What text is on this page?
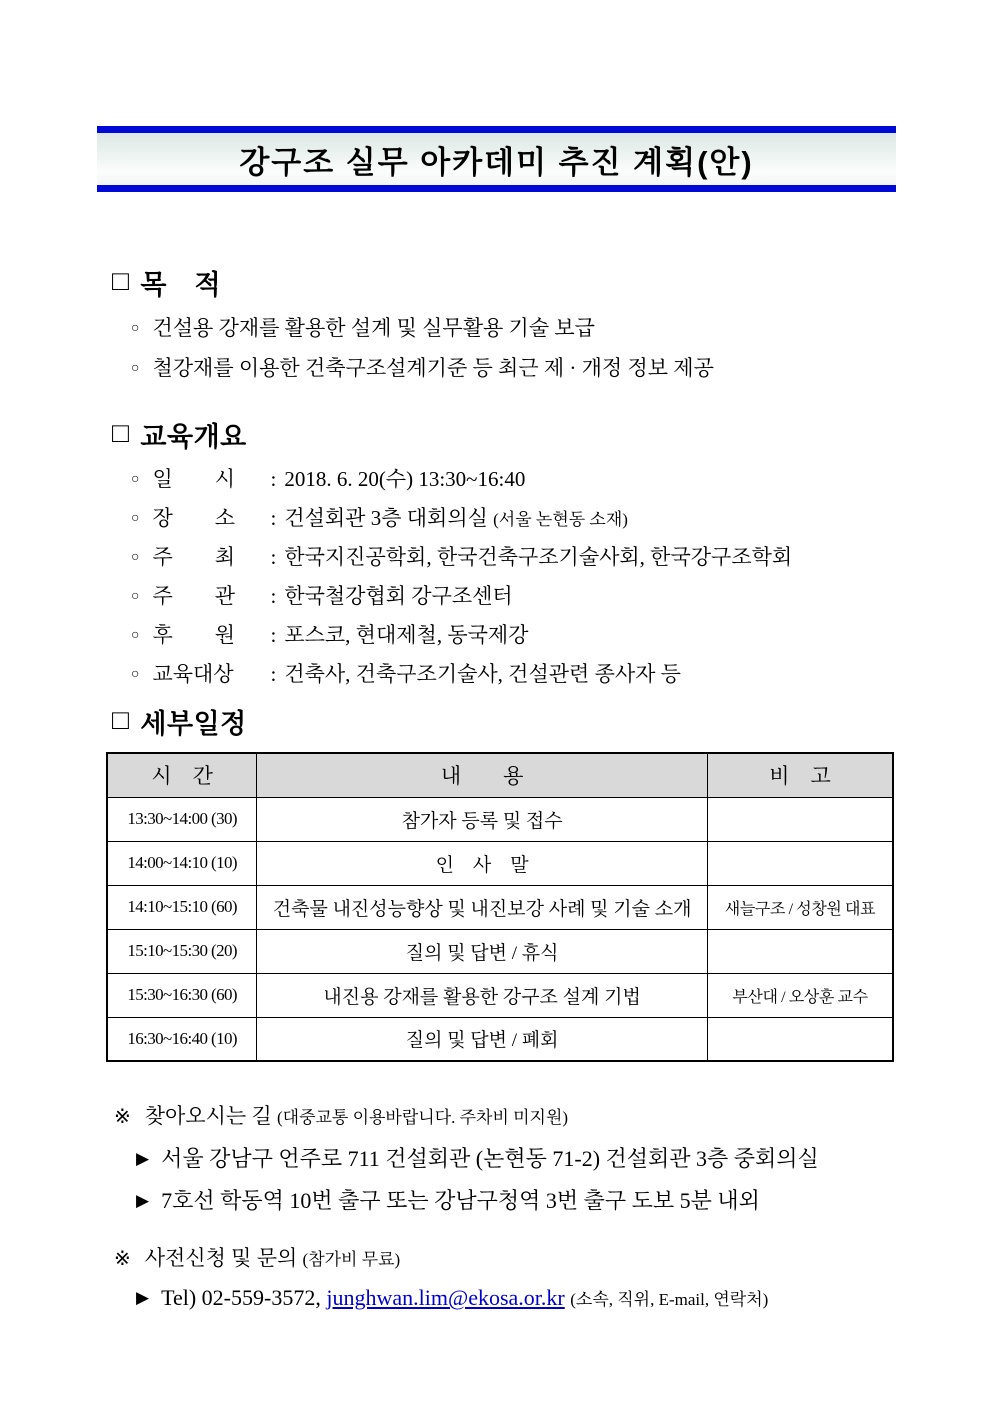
강구조 실무 아카데미 추진 계획(안)
□ 목　적
○ 건설용 강재를 활용한 설계 및 실무활용 기술 보급
○ 철강재를 이용한 건축구조설계기준 등 최근 제 · 개정 정보 제공
□ 교육개요
○ 일　　시 : 2018. 6. 20(수) 13:30~16:40
○ 장　　소 : 건설회관 3층 대회의실 (서울 논현동 소재)
○ 주　　최 : 한국지진공학회, 한국건축구조기술사회, 한국강구조학회
○ 주　　관 : 한국철강협회 강구조센터
○ 후　　원 : 포스코, 현대제철, 동국제강
○ 교육대상 : 건축사, 건축구조기술사, 건설관련 종사자 등
□ 세부일정
시　간	내　　용	비　고
13:30~14:00 (30)	참가자 등록 및 접수	
14:00~14:10 (10)	인　사　말	
14:10~15:10 (60)	건축물 내진성능향상 및 내진보강 사례 및 기술 소개	새늘구조 / 성창원 대표
15:10~15:30 (20)	질의 및 답변 / 휴식	
15:30~16:30 (60)	내진용 강재를 활용한 강구조 설계 기법	부산대 / 오상훈 교수
16:30~16:40 (10)	질의 및 답변 / 폐회	
※ 찾아오시는 길 (대중교통 이용바랍니다. 주차비 미지원)
▶ 서울 강남구 언주로 711 건설회관 (논현동 71-2) 건설회관 3층 중회의실
▶ 7호선 학동역 10번 출구 또는 강남구청역 3번 출구 도보 5분 내외
※ 사전신청 및 문의 (참가비 무료)
▶ Tel) 02-559-3572, junghwan.lim@ekosa.or.kr (소속, 직위, E-mail, 연락처)
